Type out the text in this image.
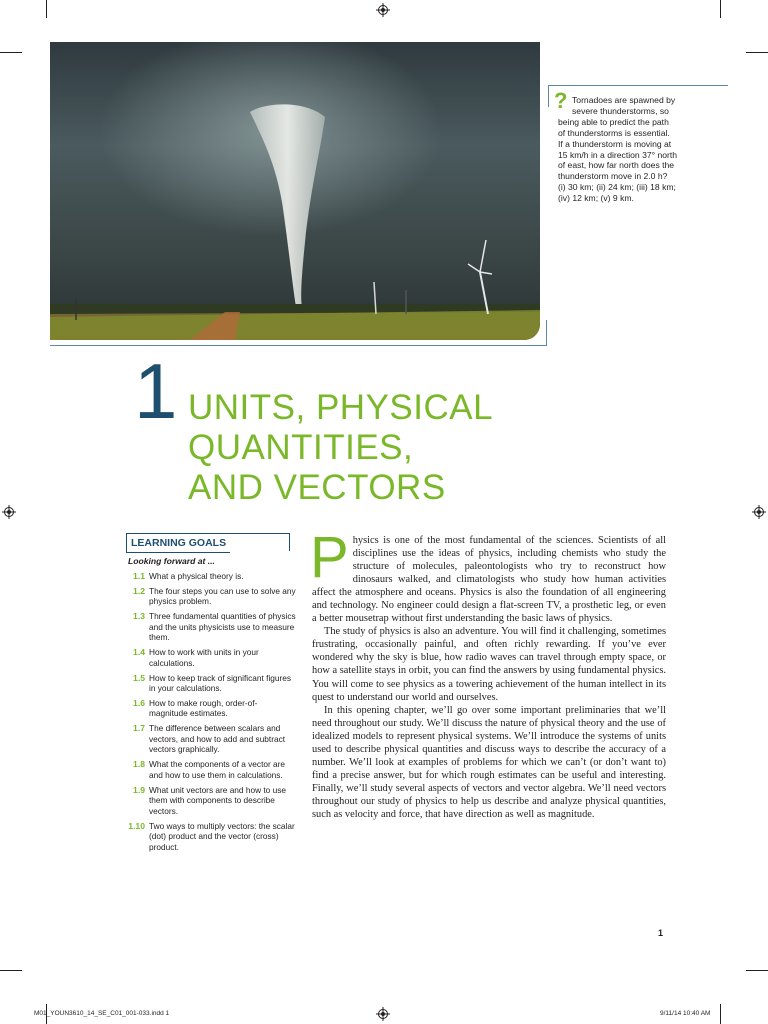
? Tornadoes are spawned by
severe thunderstorms, so
being able to predict the path
of thunderstorms is essential.
If a thunderstorm is moving at
15 km/h in a direction 37° north
of east, how far north does the
thunderstorm move in 2.0 h?
(i) 30 km; (ii) 24 km; (iii) 18 km;
(iv) 12 km; (v) 9 km.
1 UNITS, PHYSICAL
QUANTITIES,
AND VECTORS
LEARNING GOALS
Looking forward at ...
1.1 What a physical theory is.
1.2 The four steps you can use to solve any physics problem.
1.3 Three fundamental quantities of physics and the units physicists use to measure them.
1.4 How to work with units in your calculations.
1.5 How to keep track of significant figures in your calculations.
1.6 How to make rough, order-of-magnitude estimates.
1.7 The difference between scalars and vectors, and how to add and subtract vectors graphically.
1.8 What the components of a vector are and how to use them in calculations.
1.9 What unit vectors are and how to use them with components to describe vectors.
1.10 Two ways to multiply vectors: the scalar (dot) product and the vector (cross) product.

Physics is one of the most fundamental of the sciences. Scientists of all disciplines use the ideas of physics, including chemists who study the structure of molecules, paleontologists who try to reconstruct how dinosaurs walked, and climatologists who study how human activities affect the atmosphere and oceans. Physics is also the foundation of all engineering and technology. No engineer could design a flat-screen TV, a prosthetic leg, or even a better mousetrap without first understanding the basic laws of physics.

The study of physics is also an adventure. You will find it challenging, sometimes frustrating, occasionally painful, and often richly rewarding. If you’ve ever wondered why the sky is blue, how radio waves can travel through empty space, or how a satellite stays in orbit, you can find the answers by using fundamental physics. You will come to see physics as a towering achievement of the human intellect in its quest to understand our world and ourselves.

In this opening chapter, we’ll go over some important preliminaries that we’ll need throughout our study. We’ll discuss the nature of physical theory and the use of idealized models to represent physical systems. We’ll introduce the systems of units used to describe physical quantities and discuss ways to describe the accuracy of a number. We’ll look at examples of problems for which we can’t (or don’t want to) find a precise answer, but for which rough estimates can be useful and interesting. Finally, we’ll study several aspects of vectors and vector algebra. We’ll need vectors throughout our study of physics to help us describe and analyze physical quantities, such as velocity and force, that have direction as well as magnitude.

1
M01_YOUN3610_14_SE_C01_001-033.indd 1	9/11/14 10:40 AM
